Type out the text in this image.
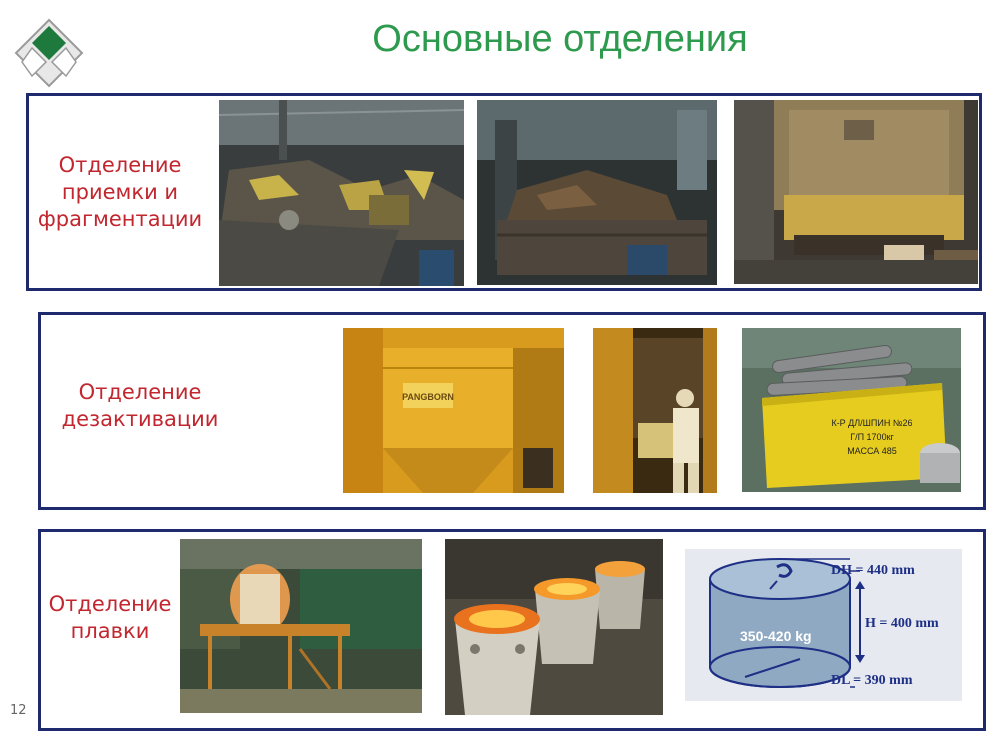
Основные отделения
Отделение
приемки и
фрагментации
Отделение
дезактивации
PANGBORN
К-Р ДЛ/ШПИН №26
Г/П 1700кг
МАССА 485
Отделение
плавки	350-420 kg
DH = 440 mm
H = 400 mm
DL = 390 mm
12
